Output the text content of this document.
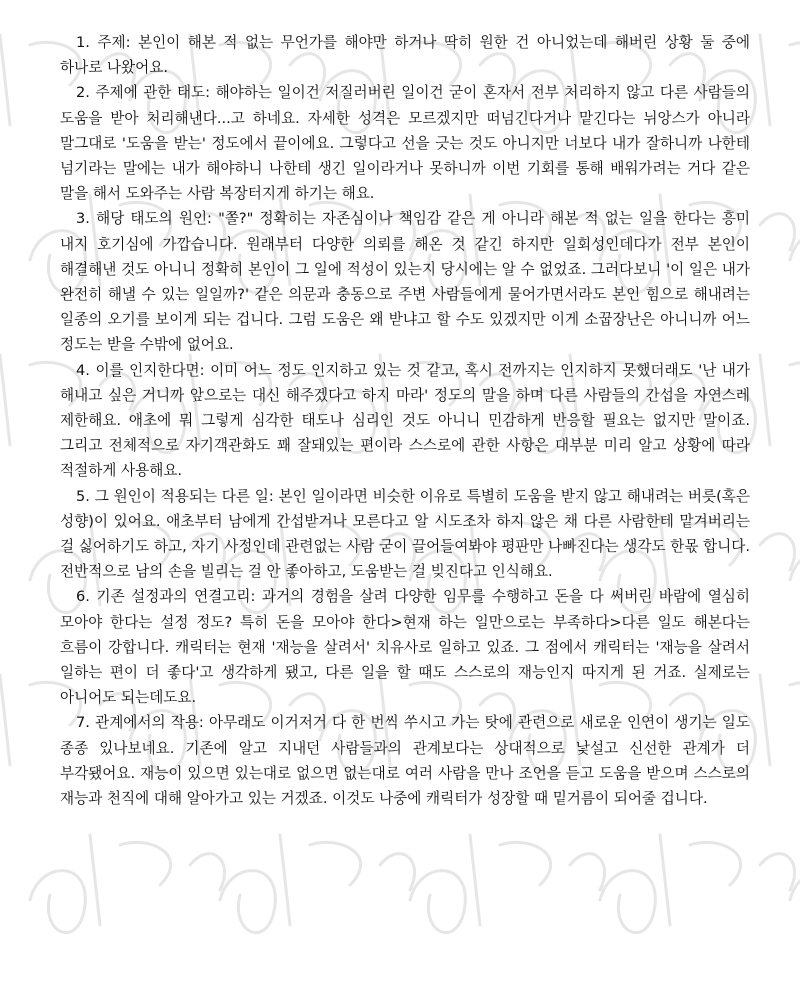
1. 주제: 본인이 해본 적 없는 무언가를 해야만 하거나 딱히 원한 건 아니었는데 해버린 상황 둘 중에 하나로 나왔어요.

2. 주제에 관한 태도: 해야하는 일이건 저질러버린 일이건 굳이 혼자서 전부 처리하지 않고 다른 사람들의 도움을 받아 처리해낸다...고 하네요. 자세한 성격은 모르겠지만 떠넘긴다거나 맡긴다는 뉘앙스가 아니라 말그대로 '도움을 받는' 정도에서 끝이에요. 그렇다고 선을 긋는 것도 아니지만 너보다 내가 잘하니까 나한테 넘기라는 말에는 내가 해야하니 나한테 생긴 일이라거나 못하니까 이번 기회를 통해 배워가려는 거다 같은 말을 해서 도와주는 사람 복장터지게 하기는 해요.

3. 해당 태도의 원인: "쫄?" 정확히는 자존심이나 책임감 같은 게 아니라 해본 적 없는 일을 한다는 흥미 내지 호기심에 가깝습니다. 원래부터 다양한 의뢰를 해온 것 같긴 하지만 일회성인데다가 전부 본인이 해결해낸 것도 아니니 정확히 본인이 그 일에 적성이 있는지 당시에는 알 수 없었죠. 그러다보니 '이 일은 내가 완전히 해낼 수 있는 일일까?' 같은 의문과 충동으로 주변 사람들에게 물어가면서라도 본인 힘으로 해내려는 일종의 오기를 보이게 되는 겁니다. 그럼 도움은 왜 받냐고 할 수도 있겠지만 이게 소꿉장난은 아니니까 어느 정도는 받을 수밖에 없어요.

4. 이를 인지한다면: 이미 어느 정도 인지하고 있는 것 같고, 혹시 전까지는 인지하지 못했더래도 '난 내가 해내고 싶은 거니까 앞으로는 대신 해주겠다고 하지 마라' 정도의 말을 하며 다른 사람들의 간섭을 자연스레 제한해요. 애초에 뭐 그렇게 심각한 태도나 심리인 것도 아니니 민감하게 반응할 필요는 없지만 말이죠. 그리고 전체적으로 자기객관화도 꽤 잘돼있는 편이라 스스로에 관한 사항은 대부분 미리 알고 상황에 따라 적절하게 사용해요.

5. 그 원인이 적용되는 다른 일: 본인 일이라면 비슷한 이유로 특별히 도움을 받지 않고 해내려는 버릇(혹은 성향)이 있어요. 애초부터 남에게 간섭받거나 모른다고 알 시도조차 하지 않은 채 다른 사람한테 맡겨버리는 걸 싫어하기도 하고, 자기 사정인데 관련없는 사람 굳이 끌어들여봐야 평판만 나빠진다는 생각도 한몫 합니다. 전반적으로 남의 손을 빌리는 걸 안 좋아하고, 도움받는 걸 빚진다고 인식해요.

6. 기존 설정과의 연결고리: 과거의 경험을 살려 다양한 임무를 수행하고 돈을 다 써버린 바람에 열심히 모아야 한다는 설정 정도? 특히 돈을 모아야 한다>현재 하는 일만으로는 부족하다>다른 일도 해본다는 흐름이 강합니다. 캐릭터는 현재 '재능을 살려서' 치유사로 일하고 있죠. 그 점에서 캐릭터는 '재능을 살려서 일하는 편이 더 좋다'고 생각하게 됐고, 다른 일을 할 때도 스스로의 재능인지 따지게 된 거죠. 실제로는 아니어도 되는데도요.

7. 관계에서의 작용: 아무래도 이거저거 다 한 번씩 쑤시고 가는 탓에 관련으로 새로운 인연이 생기는 일도 종종 있나보네요. 기존에 알고 지내던 사람들과의 관계보다는 상대적으로 낯설고 신선한 관계가 더 부각됐어요. 재능이 있으면 있는대로 없으면 없는대로 여러 사람을 만나 조언을 듣고 도움을 받으며 스스로의 재능과 천직에 대해 알아가고 있는 거겠죠. 이것도 나중에 캐릭터가 성장할 때 밑거름이 되어줄 겁니다.
